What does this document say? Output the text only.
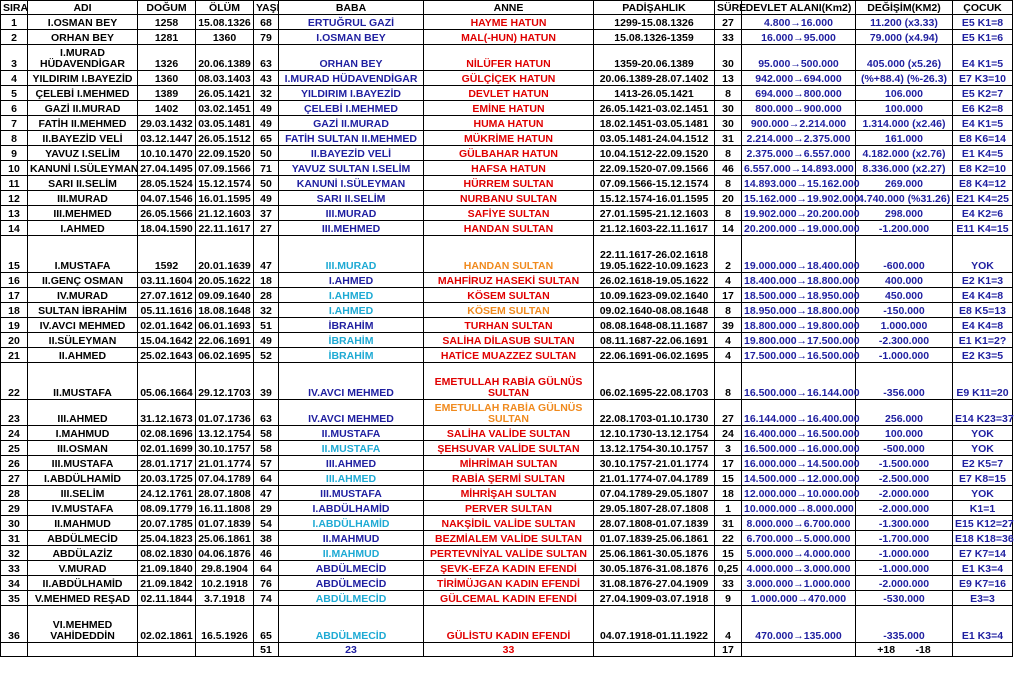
SIRA	ADI	DOĞUM	ÖLÜM	YAŞI	BABA	ANNE	PADİŞAHLIK	SÜRE	DEVLET ALANI(Km2)	DEĞİŞİM(KM2)	ÇOCUK
1	I.OSMAN BEY	1258	15.08.1326	68	ERTUĞRUL GAZİ	HAYME HATUN	1299-15.08.1326	27	4.800→16.000	11.200 (x3.33)	E5 K1=8
2	ORHAN BEY	1281	1360	79	I.OSMAN BEY	MAL(-HUN) HATUN	15.08.1326-1359	33	16.000→95.000	79.000 (x4.94)	E5 K1=6
3	I.MURAD
HÜDAVENDİGAR	1326	20.06.1389	63	ORHAN BEY	NİLÜFER HATUN	1359-20.06.1389	30	95.000→500.000	405.000 (x5.26)	E4 K1=5
4	YILDIRIM I.BAYEZİD	1360	08.03.1403	43	I.MURAD HÜDAVENDİGAR	GÜLÇİÇEK HATUN	20.06.1389-28.07.1402	13	942.000→694.000	(%+88.4) (%-26.3)	E7 K3=10
5	ÇELEBİ I.MEHMED	1389	26.05.1421	32	YILDIRIM I.BAYEZİD	DEVLET HATUN	1413-26.05.1421	8	694.000→800.000	106.000	E5 K2=7
6	GAZİ II.MURAD	1402	03.02.1451	49	ÇELEBİ I.MEHMED	EMİNE HATUN	26.05.1421-03.02.1451	30	800.000→900.000	100.000	E6 K2=8
7	FATİH II.MEHMED	29.03.1432	03.05.1481	49	GAZİ II.MURAD	HUMA HATUN	18.02.1451-03.05.1481	30	900.000→2.214.000	1.314.000 (x2.46)	E4 K1=5
8	II.BAYEZİD VELİ	03.12.1447	26.05.1512	65	FATİH SULTAN II.MEHMED	MÜKRİME HATUN	03.05.1481-24.04.1512	31	2.214.000→2.375.000	161.000	E8 K6=14
9	YAVUZ I.SELİM	10.10.1470	22.09.1520	50	II.BAYEZİD VELİ	GÜLBAHAR HATUN	10.04.1512-22.09.1520	8	2.375.000→6.557.000	4.182.000 (x2.76)	E1 K4=5
10	KANUNİ I.SÜLEYMAN	27.04.1495	07.09.1566	71	YAVUZ SULTAN I.SELİM	HAFSA HATUN	22.09.1520-07.09.1566	46	6.557.000→14.893.000	8.336.000 (x2.27)	E8 K2=10
11	SARI II.SELİM	28.05.1524	15.12.1574	50	KANUNİ I.SÜLEYMAN	HÜRREM SULTAN	07.09.1566-15.12.1574	8	14.893.000→15.162.000	269.000	E8 K4=12
12	III.MURAD	04.07.1546	16.01.1595	49	SARI II.SELİM	NURBANU SULTAN	15.12.1574-16.01.1595	20	15.162.000→19.902.000	4.740.000 (%31.26)	E21 K4=25
13	III.MEHMED	26.05.1566	21.12.1603	37	III.MURAD	SAFİYE SULTAN	27.01.1595-21.12.1603	8	19.902.000→20.200.000	298.000	E4 K2=6
14	I.AHMED	18.04.1590	22.11.1617	27	III.MEHMED	HANDAN SULTAN	21.12.1603-22.11.1617	14	20.200.000→19.000.000	-1.200.000	E11 K4=15
15	I.MUSTAFA	1592	20.01.1639	47	III.MURAD	HANDAN SULTAN	22.11.1617-26.02.1618
19.05.1622-10.09.1623	2	19.000.000→18.400.000	-600.000	YOK
16	II.GENÇ OSMAN	03.11.1604	20.05.1622	18	I.AHMED	MAHFİRUZ HASEKİ SULTAN	26.02.1618-19.05.1622	4	18.400.000→18.800.000	400.000	E2 K1=3
17	IV.MURAD	27.07.1612	09.09.1640	28	I.AHMED	KÖSEM SULTAN	10.09.1623-09.02.1640	17	18.500.000→18.950.000	450.000	E4 K4=8
18	SULTAN İBRAHİM	05.11.1616	18.08.1648	32	I.AHMED	KÖSEM SULTAN	09.02.1640-08.08.1648	8	18.950.000→18.800.000	-150.000	E8 K5=13
19	IV.AVCI MEHMED	02.01.1642	06.01.1693	51	İBRAHİM	TURHAN SULTAN	08.08.1648-08.11.1687	39	18.800.000→19.800.000	1.000.000	E4 K4=8
20	II.SÜLEYMAN	15.04.1642	22.06.1691	49	İBRAHİM	SALİHA DİLASUB SULTAN	08.11.1687-22.06.1691	4	19.800.000→17.500.000	-2.300.000	E1 K1=2?
21	II.AHMED	25.02.1643	06.02.1695	52	İBRAHİM	HATİCE MUAZZEZ SULTAN	22.06.1691-06.02.1695	4	17.500.000→16.500.000	-1.000.000	E2 K3=5
22	II.MUSTAFA	05.06.1664	29.12.1703	39	IV.AVCI MEHMED	EMETULLAH RABİA GÜLNÜS SULTAN	06.02.1695-22.08.1703	8	16.500.000→16.144.000	-356.000	E9 K11=20
23	III.AHMED	31.12.1673	01.07.1736	63	IV.AVCI MEHMED	EMETULLAH RABİA GÜLNÜS SULTAN	22.08.1703-01.10.1730	27	16.144.000→16.400.000	256.000	E14 K23=37
24	I.MAHMUD	02.08.1696	13.12.1754	58	II.MUSTAFA	SALİHA VALİDE SULTAN	12.10.1730-13.12.1754	24	16.400.000→16.500.000	100.000	YOK
25	III.OSMAN	02.01.1699	30.10.1757	58	II.MUSTAFA	ŞEHSUVAR VALİDE SULTAN	13.12.1754-30.10.1757	3	16.500.000→16.000.000	-500.000	YOK
26	III.MUSTAFA	28.01.1717	21.01.1774	57	III.AHMED	MİHRİMAH SULTAN	30.10.1757-21.01.1774	17	16.000.000→14.500.000	-1.500.000	E2 K5=7
27	I.ABDÜLHAMİD	20.03.1725	07.04.1789	64	III.AHMED	RABİA ŞERMİ SULTAN	21.01.1774-07.04.1789	15	14.500.000→12.000.000	-2.500.000	E7 K8=15
28	III.SELİM	24.12.1761	28.07.1808	47	III.MUSTAFA	MİHRİŞAH SULTAN	07.04.1789-29.05.1807	18	12.000.000→10.000.000	-2.000.000	YOK
29	IV.MUSTAFA	08.09.1779	16.11.1808	29	I.ABDÜLHAMİD	PERVER SULTAN	29.05.1807-28.07.1808	1	10.000.000→8.000.000	-2.000.000	K1=1
30	II.MAHMUD	20.07.1785	01.07.1839	54	I.ABDÜLHAMİD	NAKŞİDİL VALİDE SULTAN	28.07.1808-01.07.1839	31	8.000.000→6.700.000	-1.300.000	E15 K12=27
31	ABDÜLMECİD	25.04.1823	25.06.1861	38	II.MAHMUD	BEZMİALEM VALİDE SULTAN	01.07.1839-25.06.1861	22	6.700.000→5.000.000	-1.700.000	E18 K18=36
32	ABDÜLAZİZ	08.02.1830	04.06.1876	46	II.MAHMUD	PERTEVNİYAL VALİDE SULTAN	25.06.1861-30.05.1876	15	5.000.000→4.000.000	-1.000.000	E7 K7=14
33	V.MURAD	21.09.1840	29.8.1904	64	ABDÜLMECİD	ŞEVK-EFZA KADIN EFENDİ	30.05.1876-31.08.1876	0,25	4.000.000→3.000.000	-1.000.000	E1 K3=4
34	II.ABDÜLHAMİD	21.09.1842	10.2.1918	76	ABDÜLMECİD	TİRİMÜJGAN KADIN EFENDİ	31.08.1876-27.04.1909	33	3.000.000→1.000.000	-2.000.000	E9 K7=16
35	V.MEHMED REŞAD	02.11.1844	3.7.1918	74	ABDÜLMECİD	GÜLCEMAL KADIN EFENDİ	27.04.1909-03.07.1918	9	1.000.000→470.000	-530.000	E3=3
36	VI.MEHMED
VAHİDEDDİN	02.02.1861	16.5.1926	65	ABDÜLMECİD	GÜLİSTU KADIN EFENDİ	04.07.1918-01.11.1922	4	470.000→135.000	-335.000	E1 K3=4
				51	23	33		17		+18       -18	
